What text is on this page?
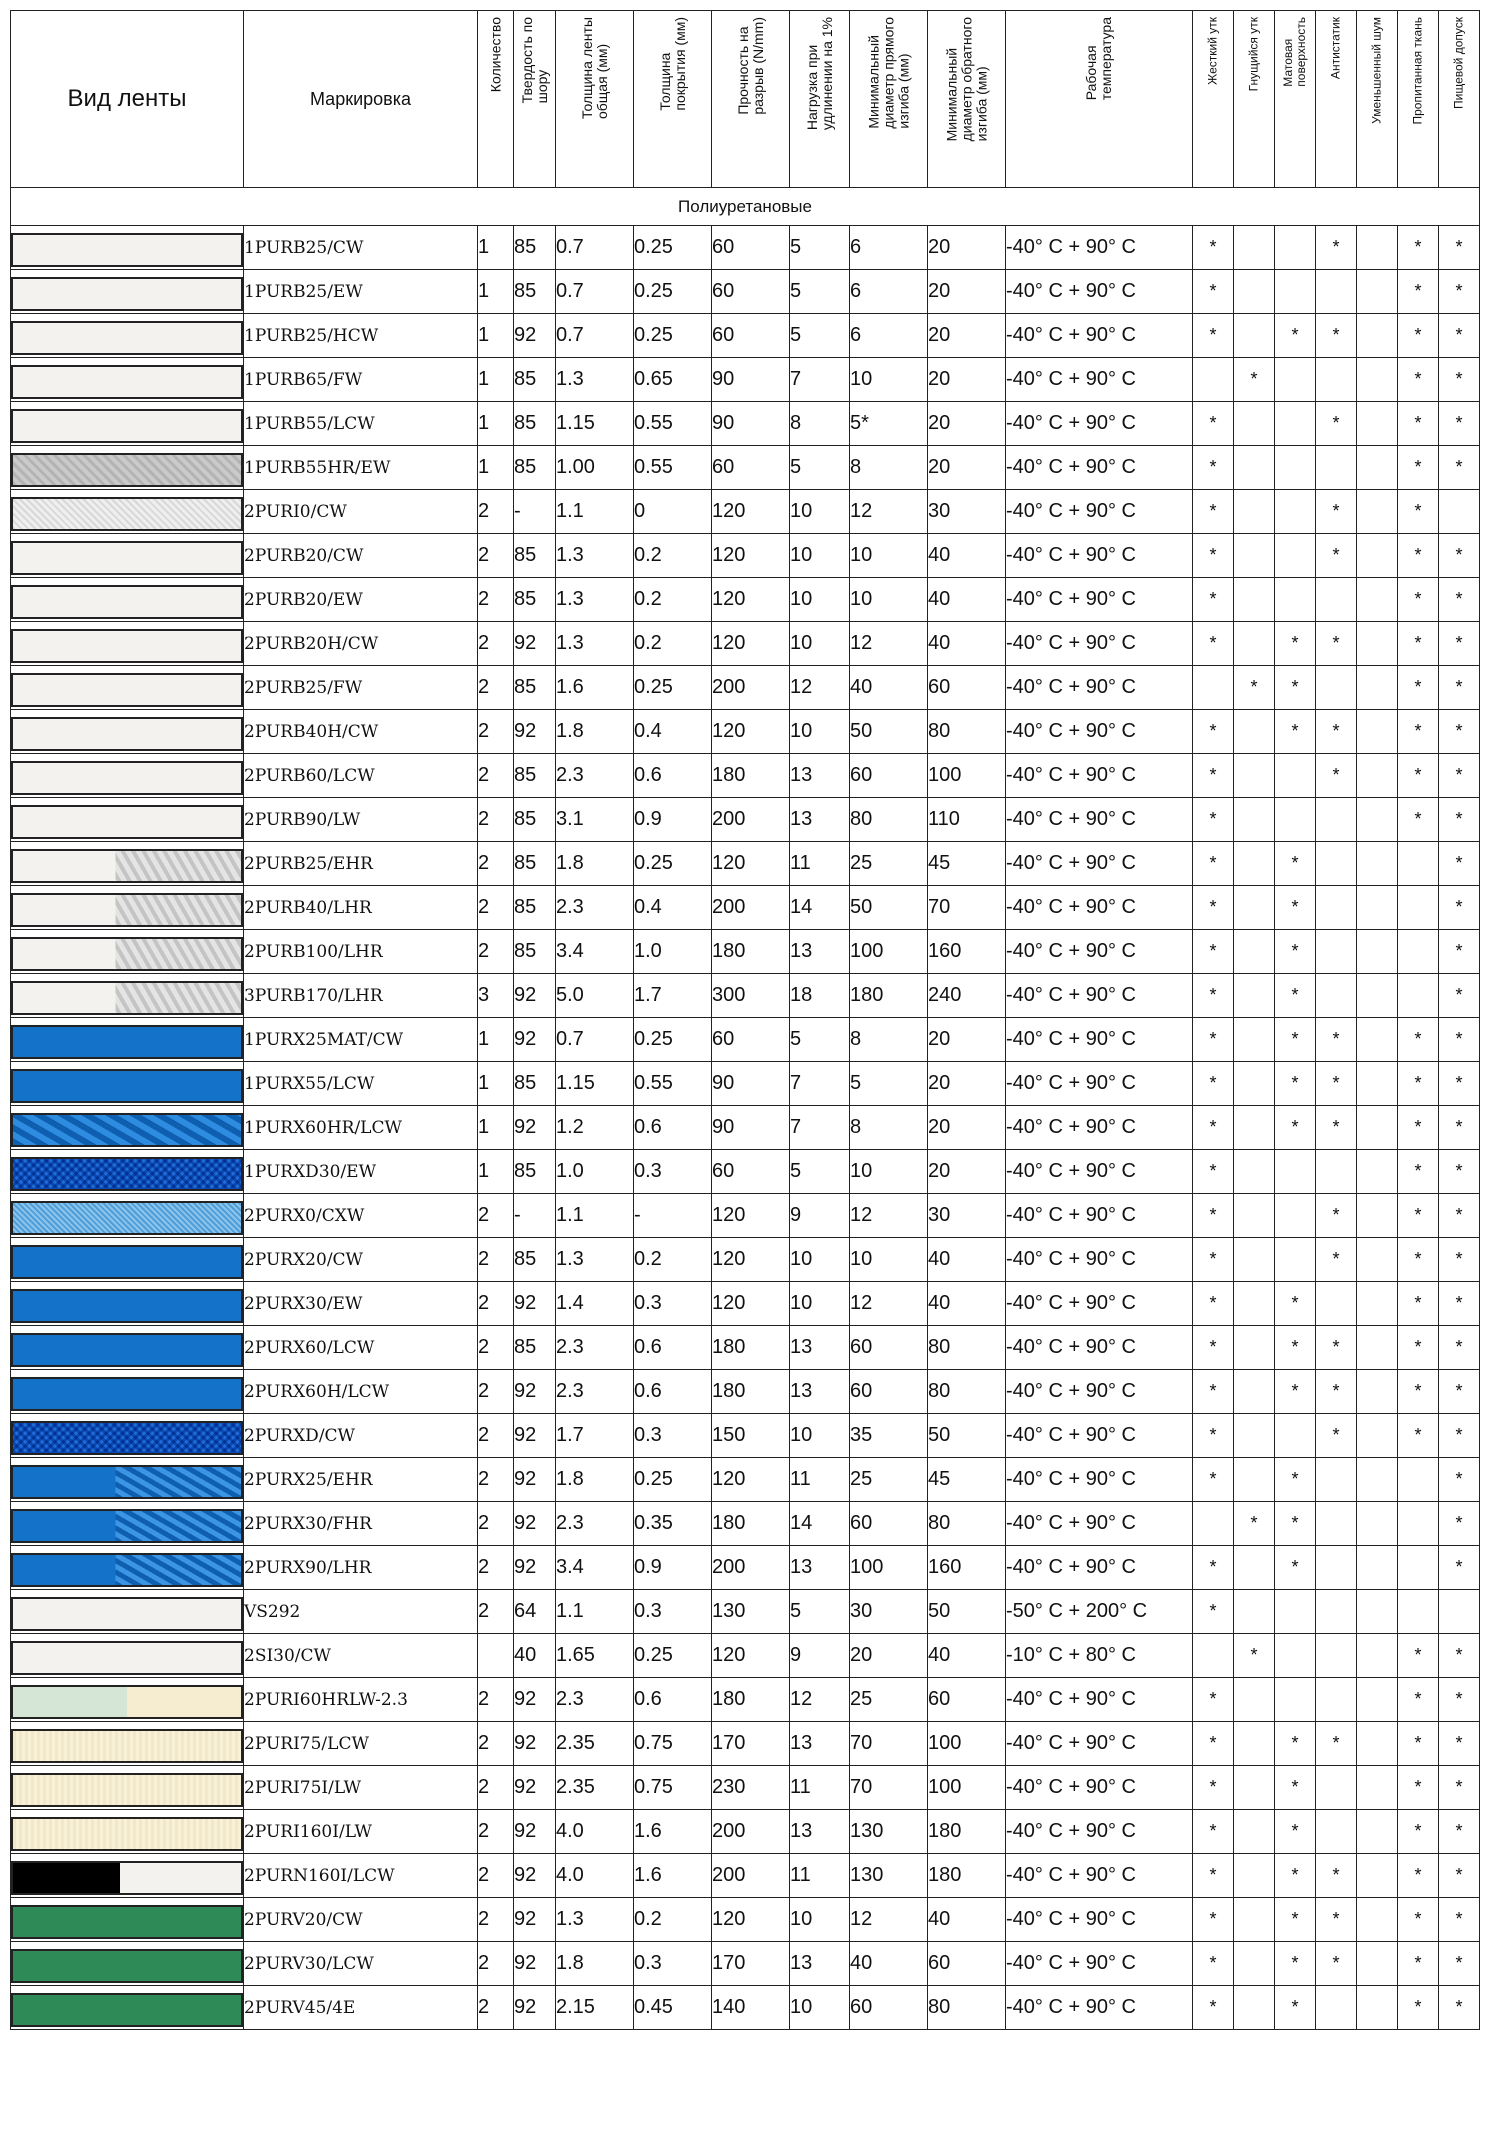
Вид ленты	Маркировка	Количество	Твердость по
шору	Толщина ленты
общая (мм)	Толщина
покрытия (мм)	Прочность на
разрыв (N/mm)	Нагрузка при
удлинении на 1%	Минимальный
диаметр прямого
изгиба (мм)	Минимальный
диаметр обратного
изгиба (мм)	Рабочая
температура	Жесткий утк	Гнущийся утк	Матовая
поверхность	Антистатик	Уменьшенный шум	Пропитанная ткань	Пищевой допуск

Полиуретановые																	

	1PURB25/CW	1	85	0.7	0.25	60	5	6	20	-40° C + 90° C	*			*		*	*

	1PURB25/EW	1	85	0.7	0.25	60	5	6	20	-40° C + 90° C	*					*	*

	1PURB25/HCW	1	92	0.7	0.25	60	5	6	20	-40° C + 90° C	*		*	*		*	*

	1PURB65/FW	1	85	1.3	0.65	90	7	10	20	-40° C + 90° C		*				*	*

	1PURB55/LCW	1	85	1.15	0.55	90	8	5*	20	-40° C + 90° C	*			*		*	*

	1PURB55HR/EW	1	85	1.00	0.55	60	5	8	20	-40° C + 90° C	*					*	*

	2PURI0/CW	2	-	1.1	0	120	10	12	30	-40° C + 90° C	*			*		*	

	2PURB20/CW	2	85	1.3	0.2	120	10	10	40	-40° C + 90° C	*			*		*	*

	2PURB20/EW	2	85	1.3	0.2	120	10	10	40	-40° C + 90° C	*					*	*

	2PURB20H/CW	2	92	1.3	0.2	120	10	12	40	-40° C + 90° C	*		*	*		*	*

	2PURB25/FW	2	85	1.6	0.25	200	12	40	60	-40° C + 90° C		*	*			*	*

	2PURB40H/CW	2	92	1.8	0.4	120	10	50	80	-40° C + 90° C	*		*	*		*	*

	2PURB60/LCW	2	85	2.3	0.6	180	13	60	100	-40° C + 90° C	*			*		*	*

	2PURB90/LW	2	85	3.1	0.9	200	13	80	110	-40° C + 90° C	*					*	*

	2PURB25/EHR	2	85	1.8	0.25	120	11	25	45	-40° C + 90° C	*		*				*

	2PURB40/LHR	2	85	2.3	0.4	200	14	50	70	-40° C + 90° C	*		*				*

	2PURB100/LHR	2	85	3.4	1.0	180	13	100	160	-40° C + 90° C	*		*				*

	3PURB170/LHR	3	92	5.0	1.7	300	18	180	240	-40° C + 90° C	*		*				*

	1PURX25MAT/CW	1	92	0.7	0.25	60	5	8	20	-40° C + 90° C	*		*	*		*	*

	1PURX55/LCW	1	85	1.15	0.55	90	7	5	20	-40° C + 90° C	*		*	*		*	*

	1PURX60HR/LCW	1	92	1.2	0.6	90	7	8	20	-40° C + 90° C	*		*	*		*	*

	1PURXD30/EW	1	85	1.0	0.3	60	5	10	20	-40° C + 90° C	*					*	*

	2PURX0/CXW	2	-	1.1	-	120	9	12	30	-40° C + 90° C	*			*		*	*

	2PURX20/CW	2	85	1.3	0.2	120	10	10	40	-40° C + 90° C	*			*		*	*

	2PURX30/EW	2	92	1.4	0.3	120	10	12	40	-40° C + 90° C	*		*			*	*

	2PURX60/LCW	2	85	2.3	0.6	180	13	60	80	-40° C + 90° C	*		*	*		*	*

	2PURX60H/LCW	2	92	2.3	0.6	180	13	60	80	-40° C + 90° C	*		*	*		*	*

	2PURXD/CW	2	92	1.7	0.3	150	10	35	50	-40° C + 90° C	*			*		*	*

	2PURX25/EHR	2	92	1.8	0.25	120	11	25	45	-40° C + 90° C	*		*				*

	2PURX30/FHR	2	92	2.3	0.35	180	14	60	80	-40° C + 90° C		*	*				*

	2PURX90/LHR	2	92	3.4	0.9	200	13	100	160	-40° C + 90° C	*		*				*

	VS292	2	64	1.1	0.3	130	5	30	50	-50° C + 200° C	*						

	2SI30/CW		40	1.65	0.25	120	9	20	40	-10° C + 80° C		*				*	*

	2PURI60HRLW-2.3	2	92	2.3	0.6	180	12	25	60	-40° C + 90° C	*					*	*

	2PURI75/LCW	2	92	2.35	0.75	170	13	70	100	-40° C + 90° C	*		*	*		*	*

	2PURI75I/LW	2	92	2.35	0.75	230	11	70	100	-40° C + 90° C	*		*			*	*

	2PURI160I/LW	2	92	4.0	1.6	200	13	130	180	-40° C + 90° C	*		*			*	*

	2PURN160I/LCW	2	92	4.0	1.6	200	11	130	180	-40° C + 90° C	*		*	*		*	*

	2PURV20/CW	2	92	1.3	0.2	120	10	12	40	-40° C + 90° C	*		*	*		*	*

	2PURV30/LCW	2	92	1.8	0.3	170	13	40	60	-40° C + 90° C	*		*	*		*	*

	2PURV45/4E	2	92	2.15	0.45	140	10	60	80	-40° C + 90° C	*		*			*	*
